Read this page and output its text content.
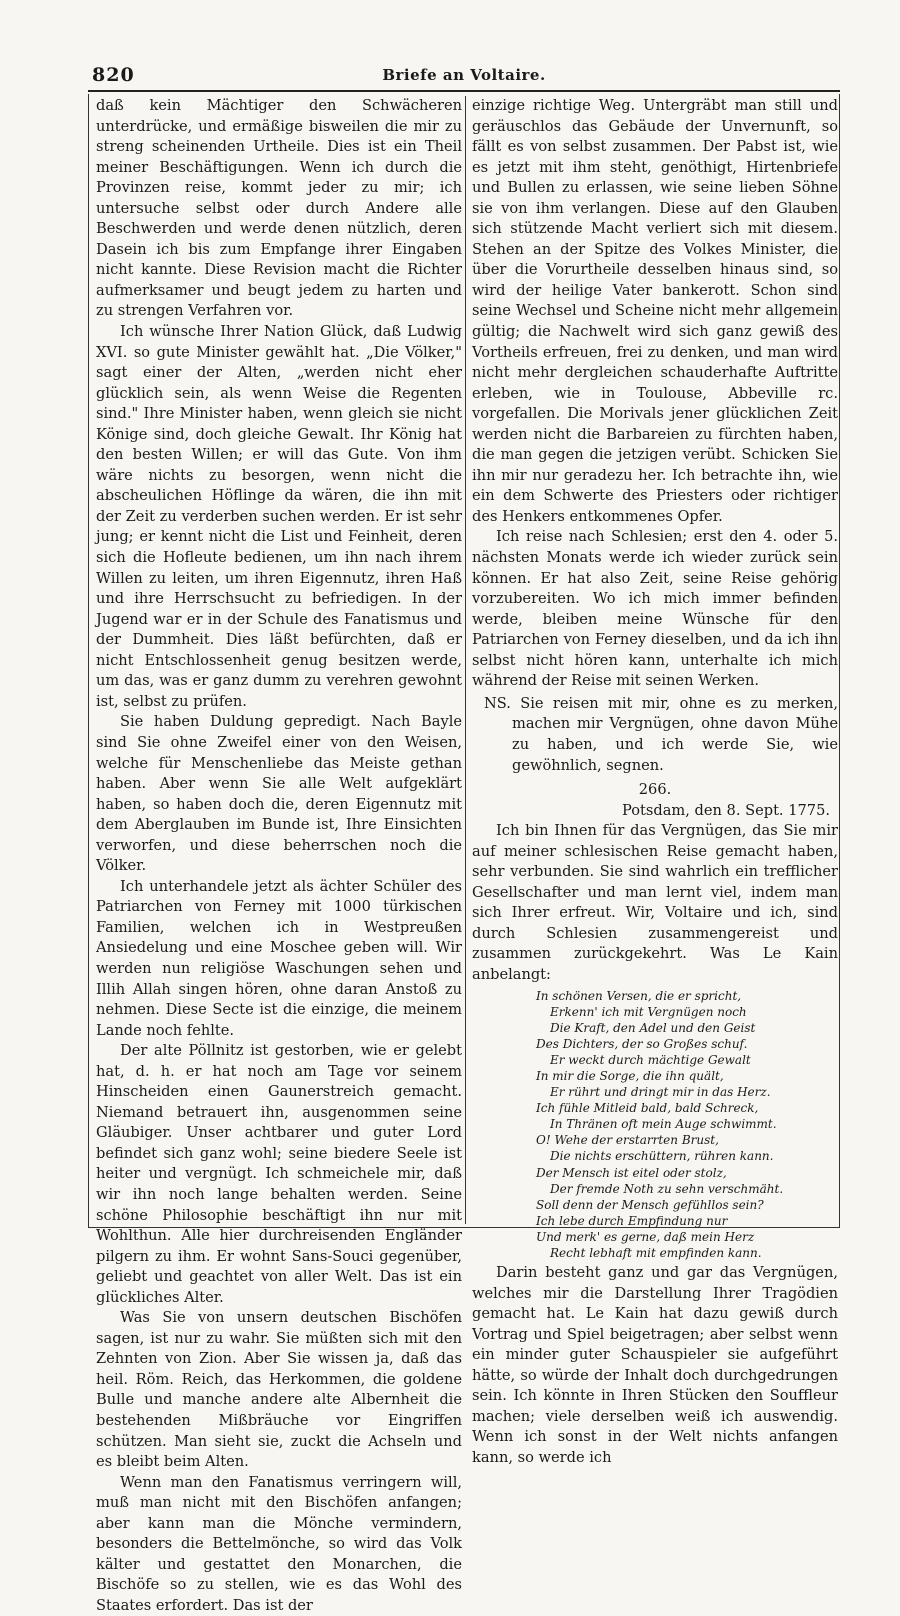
820	Briefe an Voltaire.

daß kein Mächtiger den Schwächeren unterdrücke, und ermäßige bisweilen die mir zu streng scheinenden Urtheile. Dies ist ein Theil meiner Beschäftigungen. Wenn ich durch die Provinzen reise, kommt jeder zu mir; ich untersuche selbst oder durch Andere alle Beschwerden und werde denen nützlich, deren Dasein ich bis zum Empfange ihrer Eingaben nicht kannte. Diese Revision macht die Richter aufmerksamer und beugt jedem zu harten und zu strengen Verfahren vor.

Ich wünsche Ihrer Nation Glück, daß Ludwig XVI. so gute Minister gewählt hat. „Die Völker," sagt einer der Alten, „werden nicht eher glücklich sein, als wenn Weise die Regenten sind." Ihre Minister haben, wenn gleich sie nicht Könige sind, doch gleiche Gewalt. Ihr König hat den besten Willen; er will das Gute. Von ihm wäre nichts zu besorgen, wenn nicht die abscheulichen Höflinge da wären, die ihn mit der Zeit zu verderben suchen werden. Er ist sehr jung; er kennt nicht die List und Feinheit, deren sich die Hofleute bedienen, um ihn nach ihrem Willen zu leiten, um ihren Eigennutz, ihren Haß und ihre Herrschsucht zu befriedigen. In der Jugend war er in der Schule des Fanatismus und der Dummheit. Dies läßt befürchten, daß er nicht Entschlossenheit genug besitzen werde, um das, was er ganz dumm zu verehren gewohnt ist, selbst zu prüfen.

Sie haben Duldung gepredigt. Nach Bayle sind Sie ohne Zweifel einer von den Weisen, welche für Menschenliebe das Meiste gethan haben. Aber wenn Sie alle Welt aufgeklärt haben, so haben doch die, deren Eigennutz mit dem Aberglauben im Bunde ist, Ihre Einsichten verworfen, und diese beherrschen noch die Völker.

Ich unterhandele jetzt als ächter Schüler des Patriarchen von Ferney mit 1000 türkischen Familien, welchen ich in Westpreußen Ansiedelung und eine Moschee geben will. Wir werden nun religiöse Waschungen sehen und Illih Allah singen hören, ohne daran Anstoß zu nehmen. Diese Secte ist die einzige, die meinem Lande noch fehlte.

Der alte Pöllnitz ist gestorben, wie er gelebt hat, d. h. er hat noch am Tage vor seinem Hinscheiden einen Gaunerstreich gemacht. Niemand betrauert ihn, ausgenommen seine Gläubiger. Unser achtbarer und guter Lord befindet sich ganz wohl; seine biedere Seele ist heiter und vergnügt. Ich schmeichele mir, daß wir ihn noch lange behalten werden. Seine schöne Philosophie beschäftigt ihn nur mit Wohlthun. Alle hier durchreisenden Engländer pilgern zu ihm. Er wohnt Sans-Souci gegenüber, geliebt und geachtet von aller Welt. Das ist ein glückliches Alter.

Was Sie von unsern deutschen Bischöfen sagen, ist nur zu wahr. Sie müßten sich mit den Zehnten von Zion. Aber Sie wissen ja, daß das heil. Röm. Reich, das Herkommen, die goldene Bulle und manche andere alte Albernheit die bestehenden Mißbräuche vor Eingriffen schützen. Man sieht sie, zuckt die Achseln und es bleibt beim Alten.

Wenn man den Fanatismus verringern will, muß man nicht mit den Bischöfen anfangen; aber kann man die Mönche vermindern, besonders die Bettelmönche, so wird das Volk kälter und gestattet den Monarchen, die Bischöfe so zu stellen, wie es das Wohl des Staates erfordert. Das ist der

einzige richtige Weg. Untergräbt man still und geräuschlos das Gebäude der Unvernunft, so fällt es von selbst zusammen. Der Pabst ist, wie es jetzt mit ihm steht, genöthigt, Hirtenbriefe und Bullen zu erlassen, wie seine lieben Söhne sie von ihm verlangen. Diese auf den Glauben sich stützende Macht verliert sich mit diesem. Stehen an der Spitze des Volkes Minister, die über die Vorurtheile desselben hinaus sind, so wird der heilige Vater bankerott. Schon sind seine Wechsel und Scheine nicht mehr allgemein gültig; die Nachwelt wird sich ganz gewiß des Vortheils erfreuen, frei zu denken, und man wird nicht mehr dergleichen schauderhafte Auftritte erleben, wie in Toulouse, Abbeville rc. vorgefallen. Die Morivals jener glücklichen Zeit werden nicht die Barbareien zu fürchten haben, die man gegen die jetzigen verübt. Schicken Sie ihn mir nur geradezu her. Ich betrachte ihn, wie ein dem Schwerte des Priesters oder richtiger des Henkers entkommenes Opfer.

Ich reise nach Schlesien; erst den 4. oder 5. nächsten Monats werde ich wieder zurück sein können. Er hat also Zeit, seine Reise gehörig vorzubereiten. Wo ich mich immer befinden werde, bleiben meine Wünsche für den Patriarchen von Ferney dieselben, und da ich ihn selbst nicht hören kann, unterhalte ich mich während der Reise mit seinen Werken.

NS. Sie reisen mit mir, ohne es zu merken, machen mir Vergnügen, ohne davon Mühe zu haben, und ich werde Sie, wie gewöhnlich, segnen.

266.

Potsdam, den 8. Sept. 1775.

Ich bin Ihnen für das Vergnügen, das Sie mir auf meiner schlesischen Reise gemacht haben, sehr verbunden. Sie sind wahrlich ein trefflicher Gesellschafter und man lernt viel, indem man sich Ihrer erfreut. Wir, Voltaire und ich, sind durch Schlesien zusammengereist und zusammen zurückgekehrt. Was Le Kain anbelangt:

In schönen Versen, die er spricht,
Erkenn' ich mit Vergnügen noch
Die Kraft, den Adel und den Geist
Des Dichters, der so Großes schuf.
Er weckt durch mächtige Gewalt
In mir die Sorge, die ihn quält,
Er rührt und dringt mir in das Herz.
Ich fühle Mitleid bald, bald Schreck,
In Thränen oft mein Auge schwimmt.
O! Wehe der erstarrten Brust,
Die nichts erschüttern, rühren kann.
Der Mensch ist eitel oder stolz,
Der fremde Noth zu sehn verschmäht.
Soll denn der Mensch gefühllos sein?
Ich lebe durch Empfindung nur
Und merk' es gerne, daß mein Herz
Recht lebhaft mit empfinden kann.

Darin besteht ganz und gar das Vergnügen, welches mir die Darstellung Ihrer Tragödien gemacht hat. Le Kain hat dazu gewiß durch Vortrag und Spiel beigetragen; aber selbst wenn ein minder guter Schauspieler sie aufgeführt hätte, so würde der Inhalt doch durchgedrungen sein. Ich könnte in Ihren Stücken den Souffleur machen; viele derselben weiß ich auswendig. Wenn ich sonst in der Welt nichts anfangen kann, so werde ich
